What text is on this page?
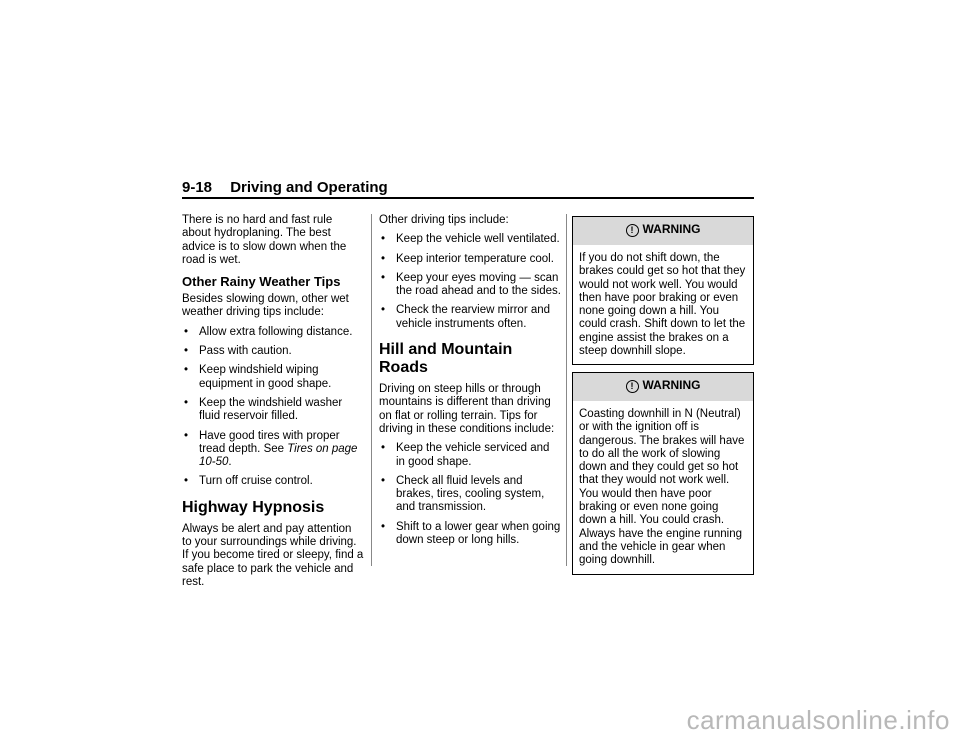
9-18 Driving and Operating

There is no hard and fast rule about hydroplaning. The best advice is to slow down when the road is wet.

Other Rainy Weather Tips

Besides slowing down, other wet weather driving tips include:

• Allow extra following distance.
• Pass with caution.
• Keep windshield wiping equipment in good shape.
• Keep the windshield washer fluid reservoir filled.
• Have good tires with proper tread depth. See Tires on page 10-50.
• Turn off cruise control.
Highway Hypnosis

Always be alert and pay attention to your surroundings while driving. If you become tired or sleepy, find a safe place to park the vehicle and rest.

Other driving tips include:

• Keep the vehicle well ventilated.
• Keep interior temperature cool.
• Keep your eyes moving — scan the road ahead and to the sides.
• Check the rearview mirror and vehicle instruments often.
Hill and Mountain Roads

Driving on steep hills or through mountains is different than driving on flat or rolling terrain. Tips for driving in these conditions include:

• Keep the vehicle serviced and in good shape.
• Check all fluid levels and brakes, tires, cooling system, and transmission.
• Shift to a lower gear when going down steep or long hills.
! WARNING
If you do not shift down, the brakes could get so hot that they would not work well. You would then have poor braking or even none going down a hill. You could crash. Shift down to let the engine assist the brakes on a steep downhill slope.
! WARNING
Coasting downhill in N (Neutral) or with the ignition off is dangerous. The brakes will have to do all the work of slowing down and they could get so hot that they would not work well. You would then have poor braking or even none going down a hill. You could crash. Always have the engine running and the vehicle in gear when going downhill.
carmanualsonline.info
